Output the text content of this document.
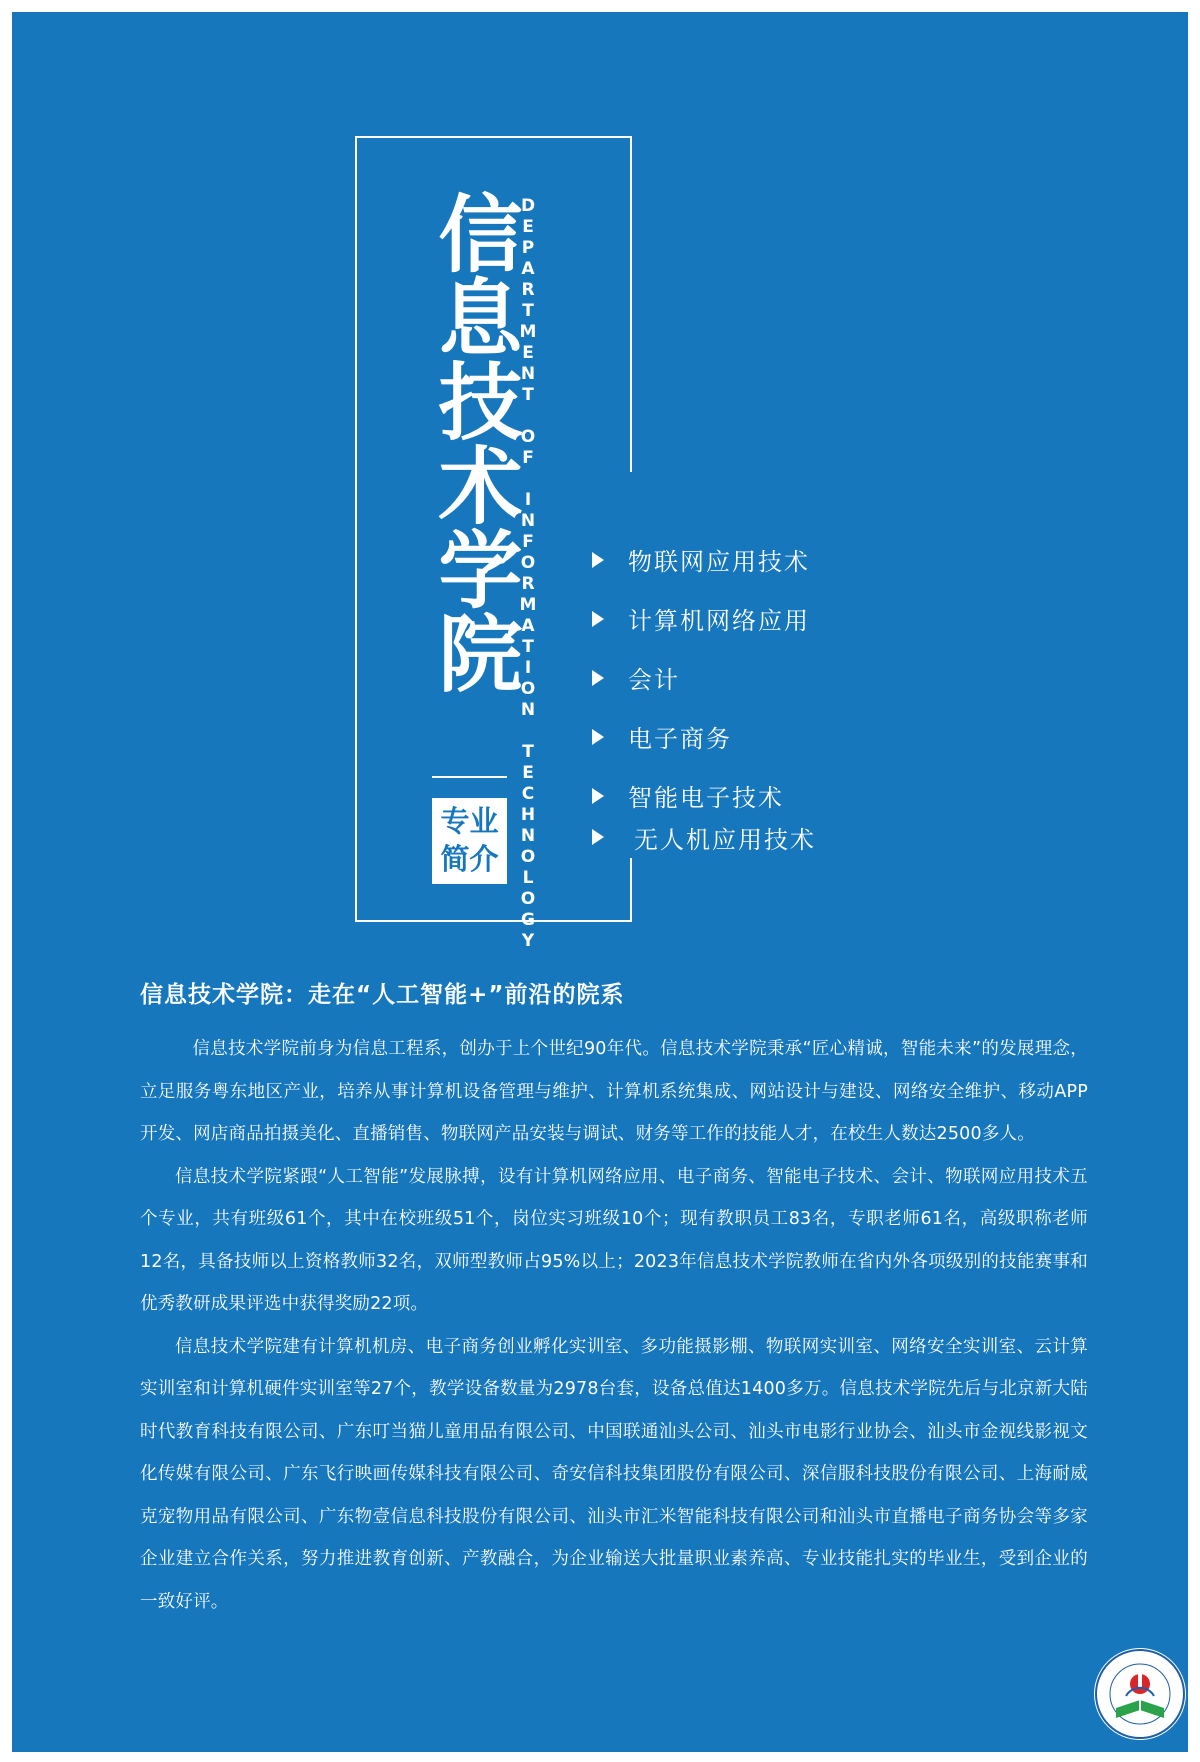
信息技术学院
DEPARTMENT OF INFORMATION TECHNOLOGY
专业
简介
物联网应用技术
计算机网络应用
会计
电子商务
智能电子技术
无人机应用技术
信息技术学院：走在“人工智能+”前沿的院系

信息技术学院前身为信息工程系，创办于上个世纪90年代。信息技术学院秉承“匠心精诚，智能未来”的发展理念，立足服务粤东地区产业，培养从事计算机设备管理与维护、计算机系统集成、网站设计与建设、网络安全维护、移动APP开发、网店商品拍摄美化、直播销售、物联网产品安装与调试、财务等工作的技能人才，在校生人数达2500多人。

信息技术学院紧跟“人工智能”发展脉搏，设有计算机网络应用、电子商务、智能电子技术、会计、物联网应用技术五个专业，共有班级61个，其中在校班级51个，岗位实习班级10个；现有教职员工83名，专职老师61名，高级职称老师12名，具备技师以上资格教师32名，双师型教师占95%以上；2023年信息技术学院教师在省内外各项级别的技能赛事和优秀教研成果评选中获得奖励22项。

信息技术学院建有计算机机房、电子商务创业孵化实训室、多功能摄影棚、物联网实训室、网络安全实训室、云计算实训室和计算机硬件实训室等27个，教学设备数量为2978台套，设备总值达1400多万。信息技术学院先后与北京新大陆时代教育科技有限公司、广东叮当猫儿童用品有限公司、中国联通汕头公司、汕头市电影行业协会、汕头市金视线影视文化传媒有限公司、广东飞行映画传媒科技有限公司、奇安信科技集团股份有限公司、深信服科技股份有限公司、上海耐威克宠物用品有限公司、广东物壹信息科技股份有限公司、汕头市汇米智能科技有限公司和汕头市直播电子商务协会等多家企业建立合作关系，努力推进教育创新、产教融合，为企业输送大批量职业素养高、专业技能扎实的毕业生，受到企业的一致好评。
